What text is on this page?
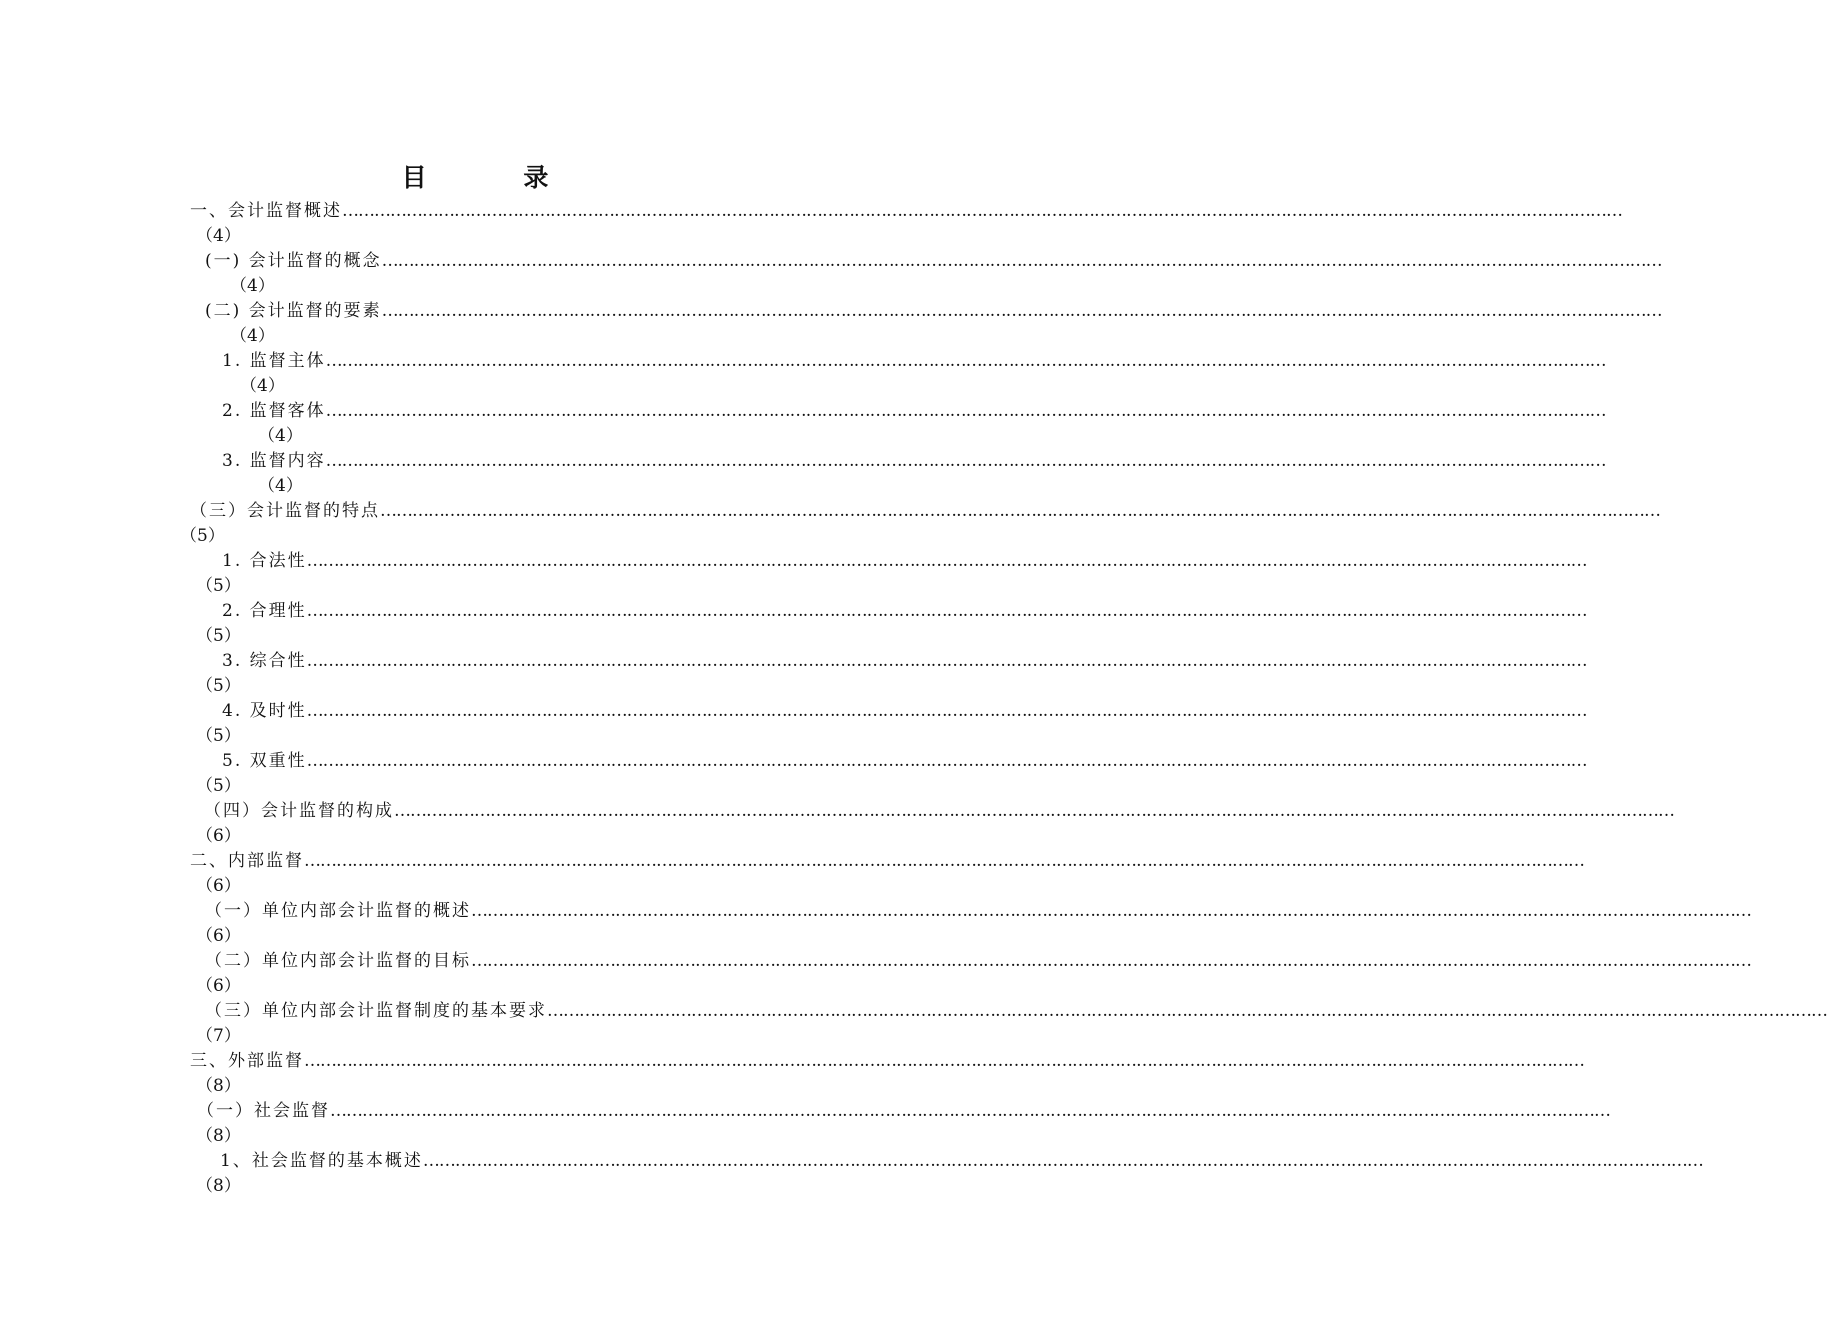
目 录
一、会计监督概述 ……………………………………………………………………………………………………………………………………………………………………………………………………………………
（4）
(一) 会计监督的概念 ……………………………………………………………………………………………………………………………………………………………………………………………………………………
（4）
(二) 会计监督的要素 ……………………………………………………………………………………………………………………………………………………………………………………………………………………
（4）
1. 监督主体 ……………………………………………………………………………………………………………………………………………………………………………………………………………………
（4）
2. 监督客体 ……………………………………………………………………………………………………………………………………………………………………………………………………………………
（4）
3. 监督内容 ……………………………………………………………………………………………………………………………………………………………………………………………………………………
（4）
（三）会计监督的特点 ……………………………………………………………………………………………………………………………………………………………………………………………………………………
（5）
1. 合法性 ……………………………………………………………………………………………………………………………………………………………………………………………………………………
（5）
2. 合理性 ……………………………………………………………………………………………………………………………………………………………………………………………………………………
（5）
3. 综合性 ……………………………………………………………………………………………………………………………………………………………………………………………………………………
（5）
4. 及时性 ……………………………………………………………………………………………………………………………………………………………………………………………………………………
（5）
5. 双重性 ……………………………………………………………………………………………………………………………………………………………………………………………………………………
（5）
（四）会计监督的构成 ……………………………………………………………………………………………………………………………………………………………………………………………………………………
（6）
二、内部监督 ……………………………………………………………………………………………………………………………………………………………………………………………………………………
（6）
（一）单位内部会计监督的概述 ……………………………………………………………………………………………………………………………………………………………………………………………………………………
（6）
（二）单位内部会计监督的目标 ……………………………………………………………………………………………………………………………………………………………………………………………………………………
（6）
（三）单位内部会计监督制度的基本要求 ……………………………………………………………………………………………………………………………………………………………………………………………………………………
（7）
三、外部监督 ……………………………………………………………………………………………………………………………………………………………………………………………………………………
（8）
（一）社会监督 ……………………………………………………………………………………………………………………………………………………………………………………………………………………
（8）
1、社会监督的基本概述 ……………………………………………………………………………………………………………………………………………………………………………………………………………………
（8）
